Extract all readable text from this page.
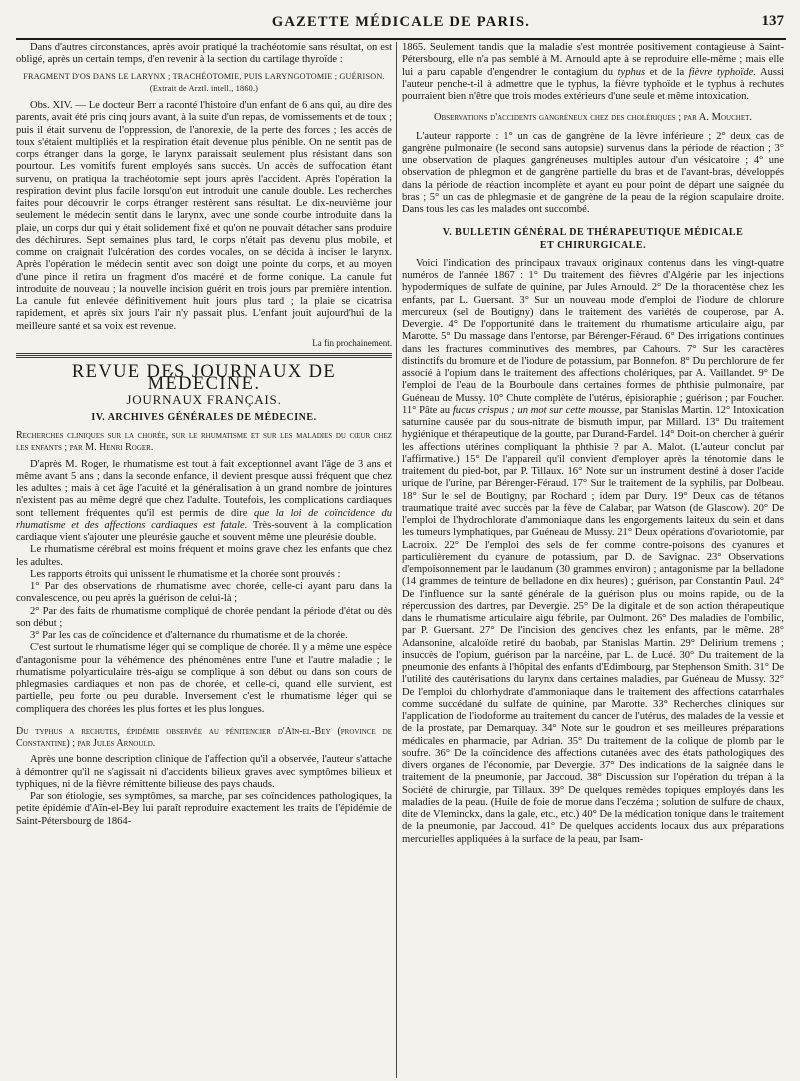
GAZETTE MÉDICALE DE PARIS.	137

Dans d'autres circonstances, après avoir pratiqué la trachéotomie sans résultat, on est obligé, après un certain temps, d'en revenir à la section du cartilage thyroïde :

FRAGMENT D'OS DANS LE LARYNX ; TRACHÉOTOMIE, PUIS LARYNGOTOMIE ; GUÉRISON. (Extrait de Arztl. intell., 1860.)

Obs. XIV. — Le docteur Berr a raconté l'histoire d'un enfant de 6 ans qui, au dire des parents, avait été pris cinq jours avant, à la suite d'un repas, de vomissements et de toux ; puis il était survenu de l'oppression, de l'anorexie, de la perte des forces ; les accès de toux s'étaient multipliés et la respiration était devenue plus pénible. On ne sentit pas de corps étranger dans la gorge, le larynx paraissait seulement plus résistant dans son pourtour. Les vomitifs furent employés sans succès. Un accès de suffocation étant survenu, on pratiqua la trachéotomie sept jours après l'accident. Après l'opération la respiration devint plus facile lorsqu'on eut introduit une canule double. Les recherches faites pour découvrir le corps étranger restèrent sans résultat. Le dix-neuvième jour seulement le médecin sentit dans le larynx, avec une sonde courbe introduite dans la plaie, un corps dur qui y était solidement fixé et qu'on ne pouvait détacher sans produire des déchirures. Sept semaines plus tard, le corps n'était pas devenu plus mobile, et comme on craignait l'ulcération des cordes vocales, on se décida à inciser le larynx. Après l'opération le médecin sentit avec son doigt une pointe du corps, et au moyen d'une pince il retira un fragment d'os macéré et de forme conique. La canule fut introduite de nouveau ; la nouvelle incision guérit en trois jours par première intention. La canule fut enlevée définitivement huit jours plus tard ; la plaie se cicatrisa rapidement, et après six jours l'air n'y passait plus. L'enfant jouit aujourd'hui de la meilleure santé et sa voix est revenue.

La fin prochainement.
REVUE DES JOURNAUX DE MÉDECINE.
JOURNAUX FRANÇAIS.
IV. ARCHIVES GÉNÉRALES DE MÉDECINE.

Recherches cliniques sur la chorée, sur le rhumatisme et sur les maladies du cœur chez les enfants ; par M. Henri Roger.

D'après M. Roger, le rhumatisme est tout à fait exceptionnel avant l'âge de 3 ans et même avant 5 ans ; dans la seconde enfance, il devient presque aussi fréquent que chez les adultes ; mais à cet âge l'acuité et la généralisation à un grand nombre de jointures n'existent pas au même degré que chez l'adulte. Toutefois, les complications cardiaques sont tellement fréquentes qu'il est permis de dire que la loi de coïncidence du rhumatisme et des affections cardiaques est fatale. Très-souvent à la complication cardiaque vient s'ajouter une pleurésie gauche et souvent même une pleurésie double.

Le rhumatisme cérébral est moins fréquent et moins grave chez les enfants que chez les adultes.

Les rapports étroits qui unissent le rhumatisme et la chorée sont prouvés :

1° Par des observations de rhumatisme avec chorée, celle-ci ayant paru dans la convalescence, ou peu après la guérison de celui-là ;

2° Par des faits de rhumatisme compliqué de chorée pendant la période d'état ou dès son début ;

3° Par les cas de coïncidence et d'alternance du rhumatisme et de la chorée.

C'est surtout le rhumatisme léger qui se complique de chorée. Il y a même une espèce d'antagonisme pour la véhémence des phénomènes entre l'une et l'autre maladie ; le rhumatisme polyarticulaire très-aigu se complique à son début ou dans son cours de phlegmasies cardiaques et non pas de chorée, et celle-ci, quand elle survient, est partielle, peu forte ou peu durable. Inversement c'est le rhumatisme léger qui se compliquera des chorées les plus fortes et les plus longues.

Du typhus a rechutes, épidémie observée au pénitencier d'Aïn-el-Bey (province de Constantine) ; par Jules Arnould.

Après une bonne description clinique de l'affection qu'il a observée, l'auteur s'attache à démontrer qu'il ne s'agissait ni d'accidents bilieux graves avec symptômes bilieux et typhiques, ni de la fièvre rémittente bilieuse des pays chauds.

Par son étiologie, ses symptômes, sa marche, par ses coïncidences pathologiques, la petite épidémie d'Aïn-el-Bey lui paraît reproduire exactement les traits de l'épidémie de Saint-Pétersbourg de 1864-

1865. Seulement tandis que la maladie s'est montrée positivement contagieuse à Saint-Pétersbourg, elle n'a pas semblé à M. Arnould apte à se reproduire elle-même ; mais elle lui a paru capable d'engendrer le contagium du typhus et de la fièvre typhoïde. Aussi l'auteur penche-t-il à admettre que le typhus, la fièvre typhoïde et le typhus à rechutes pourraient bien n'être que trois modes extérieurs d'une seule et même intoxication.

Observations d'accidents gangréneux chez des cholériques ; par A. Mouchet.

L'auteur rapporte : 1° un cas de gangrène de la lèvre inférieure ; 2° deux cas de gangrène pulmonaire (le second sans autopsie) survenus dans la période de réaction ; 3° une observation de plaques gangréneuses multiples autour d'un vésicatoire ; 4° une observation de phlegmon et de gangrène partielle du bras et de l'avant-bras, développés dans la période de réaction incomplète et ayant eu pour point de départ une saignée du bras ; 5° un cas de phlegmasie et de gangrène de la peau de la région scapulaire droite. Dans tous les cas les malades ont succombé.

V. BULLETIN GÉNÉRAL DE THÉRAPEUTIQUE MÉDICALE
ET CHIRURGICALE.

Voici l'indication des principaux travaux originaux contenus dans les vingt-quatre numéros de l'année 1867 : 1° Du traitement des fièvres d'Algérie par les injections hypodermiques de sulfate de quinine, par Jules Arnould. 2° De la thoracentèse chez les enfants, par L. Guersant. 3° Sur un nouveau mode d'emploi de l'iodure de chlorure mercureux (sel de Boutigny) dans le traitement des variétés de couperose, par A. Devergie. 4° De l'opportunité dans le traitement du rhumatisme articulaire aigu, par Marotte. 5° Du massage dans l'entorse, par Bérenger-Féraud. 6° Des irrigations continues dans les fractures comminutives des membres, par Cahours. 7° Sur les caractères distinctifs du bromure et de l'iodure de potassium, par Bonnefon. 8° Du perchlorure de fer associé à l'opium dans le traitement des affections cholériques, par A. Vaillandet. 9° De l'emploi de l'eau de la Bourboule dans certaines formes de phthisie pulmonaire, par Guéneau de Mussy. 10° Chute complète de l'utérus, épisioraphie ; guérison ; par Foucher. 11° Pâte au fucus crispus ; un mot sur cette mousse, par Stanislas Martin. 12° Intoxication saturnine causée par du sous-nitrate de bismuth impur, par Millard. 13° Du traitement hygiénique et thérapeutique de la goutte, par Durand-Fardel. 14° Doit-on chercher à guérir les affections utérines compliquant la phthisie ? par A. Malot. (L'auteur conclut par l'affirmative.) 15° De l'appareil qu'il convient d'employer après la ténotomie dans le traitement du pied-bot, par P. Tillaux. 16° Note sur un instrument destiné à doser l'acide urique de l'urine, par Bérenger-Féraud. 17° Sur le traitement de la syphilis, par Dolbeau. 18° Sur le sel de Boutigny, par Rochard ; idem par Dury. 19° Deux cas de tétanos traumatique traité avec succès par la fève de Calabar, par Watson (de Glascow). 20° De l'emploi de l'hydrochlorate d'ammoniaque dans les engorgements laiteux du sein et dans les tumeurs lymphatiques, par Guéneau de Mussy. 21° Deux opérations d'ovariotomie, par Lacroix. 22° De l'emploi des sels de fer comme contre-poisons des cyanures et particulièrement du cyanure de potassium, par D. de Savignac. 23° Observations d'empoisonnement par le laudanum (30 grammes environ) ; antagonisme par la belladone (14 grammes de teinture de belladone en dix heures) ; guérison, par Constantin Paul. 24° De l'influence sur la santé générale de la guérison plus ou moins rapide, ou de la répercussion des dartres, par Devergie. 25° De la digitale et de son action thérapeutique dans le rhumatisme articulaire aigu fébrile, par Oulmont. 26° Des maladies de l'ombilic, par P. Guersant. 27° De l'incision des gencives chez les enfants, par le même. 28° Adansonine, alcaloïde retiré du baobab, par Stanislas Martin. 29° Delirium tremens ; insuccès de l'opium, guérison par la narcéine, par L. de Lucé. 30° Du traitement de la pneumonie des enfants à l'hôpital des enfants d'Edimbourg, par Stephenson Smith. 31° De l'utilité des cautérisations du larynx dans certaines maladies, par Guéneau de Mussy. 32° De l'emploi du chlorhydrate d'ammoniaque dans le traitement des affections catarrhales comme succédané du sulfate de quinine, par Marotte. 33° Recherches cliniques sur l'application de l'iodoforme au traitement du cancer de l'utérus, des malades de la vessie et de la prostate, par Demarquay. 34° Note sur le goudron et ses meilleures préparations médicales en pharmacie, par Adrian. 35° Du traitement de la colique de plomb par le soufre. 36° De la coïncidence des affections cutanées avec des états pathologiques des divers organes de l'économie, par Devergie. 37° Des indications de la saignée dans le traitement de la pneumonie, par Jaccoud. 38° Discussion sur l'opération du trépan à la Société de chirurgie, par Tillaux. 39° De quelques remèdes topiques employés dans les maladies de la peau. (Huile de foie de morue dans l'eczéma ; solution de sulfure de chaux, dite de Vleminckx, dans la gale, etc., etc.) 40° De la médication tonique dans le traitement de la pneumonie, par Jaccoud. 41° De quelques accidents locaux dus aux préparations mercurielles appliquées à la surface de la peau, par Isam-
